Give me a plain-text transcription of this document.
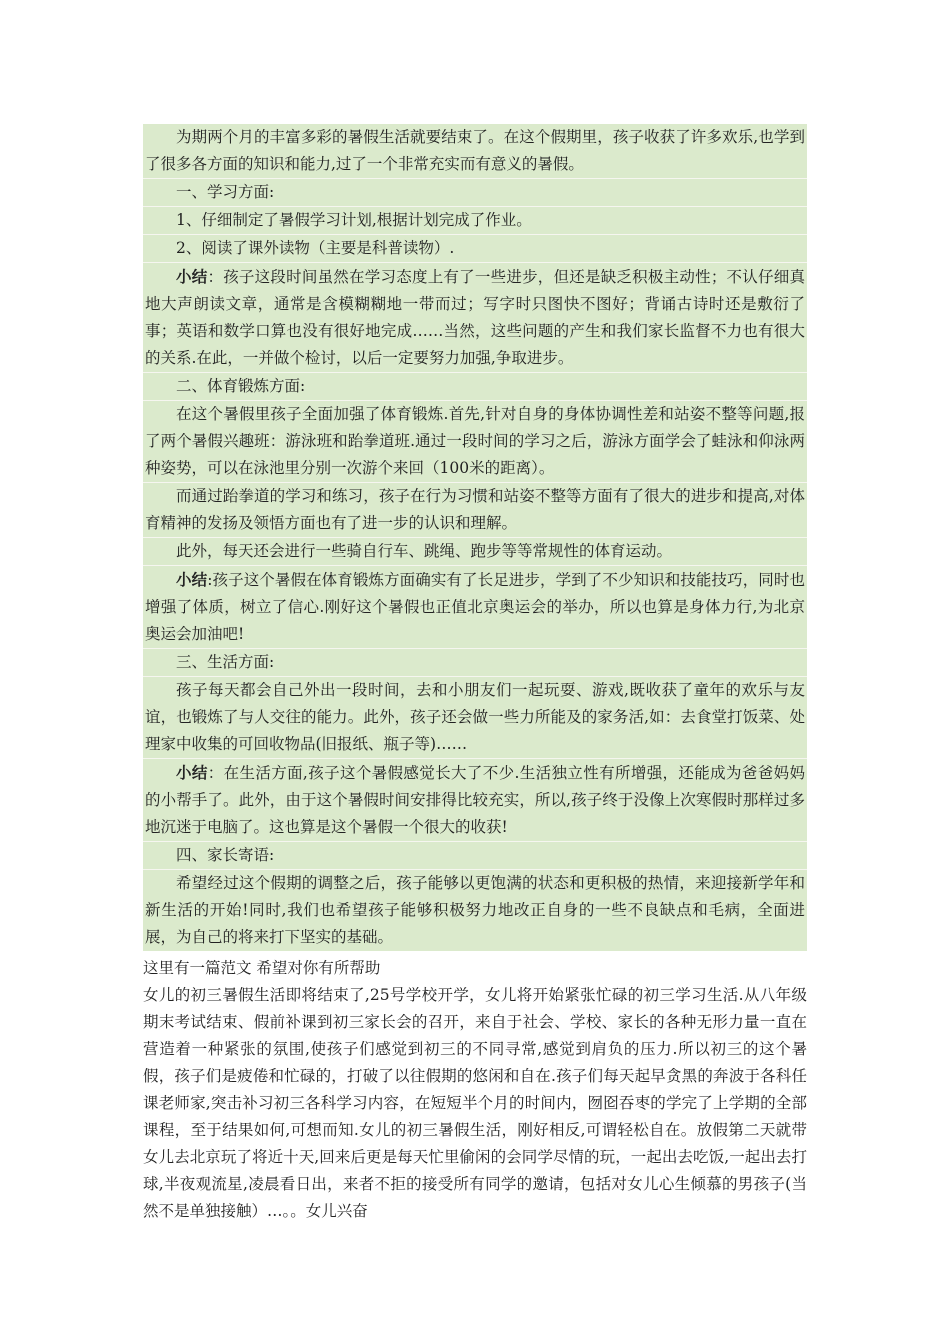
为期两个月的丰富多彩的暑假生活就要结束了。在这个假期里，孩子收获了许多欢乐,也学到了很多各方面的知识和能力,过了一个非常充实而有意义的暑假。

一、学习方面:

1、仔细制定了暑假学习计划,根据计划完成了作业。

2、阅读了课外读物（主要是科普读物）.

小结：孩子这段时间虽然在学习态度上有了一些进步，但还是缺乏积极主动性；不认仔细真地大声朗读文章，通常是含模糊糊地一带而过；写字时只图快不图好；背诵古诗时还是敷衍了事；英语和数学口算也没有很好地完成……当然，这些问题的产生和我们家长监督不力也有很大的关系.在此，一并做个检讨，以后一定要努力加强,争取进步。

二、体育锻炼方面:

在这个暑假里孩子全面加强了体育锻炼.首先,针对自身的身体协调性差和站姿不整等问题,报了两个暑假兴趣班：游泳班和跆拳道班.通过一段时间的学习之后，游泳方面学会了蛙泳和仰泳两种姿势，可以在泳池里分别一次游个来回（100米的距离）。

而通过跆拳道的学习和练习，孩子在行为习惯和站姿不整等方面有了很大的进步和提高,对体育精神的发扬及领悟方面也有了进一步的认识和理解。

此外，每天还会进行一些骑自行车、跳绳、跑步等等常规性的体育运动。

小结:孩子这个暑假在体育锻炼方面确实有了长足进步，学到了不少知识和技能技巧，同时也增强了体质，树立了信心.刚好这个暑假也正值北京奥运会的举办，所以也算是身体力行,为北京奥运会加油吧!

三、生活方面:

孩子每天都会自己外出一段时间，去和小朋友们一起玩耍、游戏,既收获了童年的欢乐与友谊，也锻炼了与人交往的能力。此外，孩子还会做一些力所能及的家务活,如：去食堂打饭菜、处理家中收集的可回收物品(旧报纸、瓶子等)……

小结：在生活方面,孩子这个暑假感觉长大了不少.生活独立性有所增强，还能成为爸爸妈妈的小帮手了。此外，由于这个暑假时间安排得比较充实，所以,孩子终于没像上次寒假时那样过多地沉迷于电脑了。这也算是这个暑假一个很大的收获!

四、家长寄语:

希望经过这个假期的调整之后，孩子能够以更饱满的状态和更积极的热情，来迎接新学年和新生活的开始!同时,我们也希望孩子能够积极努力地改正自身的一些不良缺点和毛病，全面进展，为自己的将来打下坚实的基础。

这里有一篇范文 希望对你有所帮助

女儿的初三暑假生活即将结束了,25号学校开学，女儿将开始紧张忙碌的初三学习生活.从八年级期末考试结束、假前补课到初三家长会的召开，来自于社会、学校、家长的各种无形力量一直在营造着一种紧张的氛围,使孩子们感觉到初三的不同寻常,感觉到肩负的压力.所以初三的这个暑假，孩子们是疲倦和忙碌的，打破了以往假期的悠闲和自在.孩子们每天起早贪黑的奔波于各科任课老师家,突击补习初三各科学习内容，在短短半个月的时间内，囫囵吞枣的学完了上学期的全部课程，至于结果如何,可想而知.女儿的初三暑假生活，刚好相反,可谓轻松自在。放假第二天就带女儿去北京玩了将近十天,回来后更是每天忙里偷闲的会同学尽情的玩，一起出去吃饭,一起出去打球,半夜观流星,凌晨看日出，来者不拒的接受所有同学的邀请，包括对女儿心生倾慕的男孩子(当然不是单独接触）…。。女儿兴奋
